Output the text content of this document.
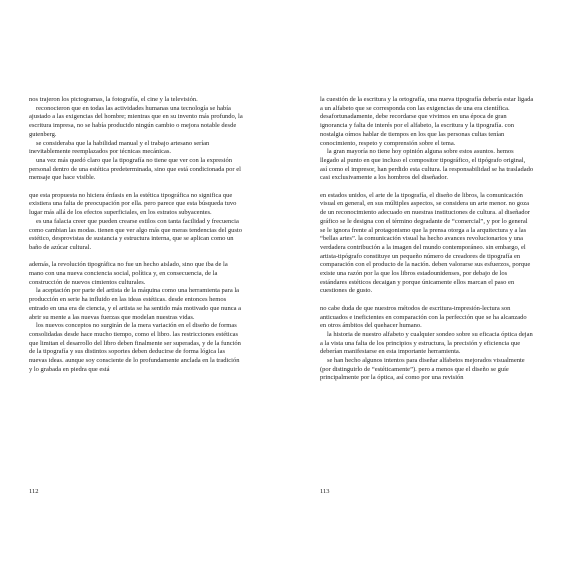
nos trajeron los pictogramas, la fotografía, el cine y la televisión.

reconocieron que en todas las actividades humanas una tecnología se había ajustado a las exigencias del hombre; mientras que en su invento más profundo, la escritura impresa, no se había producido ningún cambio o mejora notable desde gutenberg.

se consideraba que la habilidad manual y el trabajo artesano serían inevitablemente reemplazados por técnicas mecánicas.

una vez más quedó claro que la tipografía no tiene que ver con la expresión personal dentro de una estética predeterminada, sino que está condicionada por el mensaje que hace visible.

que esta propuesta no hiciera énfasis en la estética tipográfica no significa que existiera una falta de preocupación por ella. pero parece que esta búsqueda tuvo lugar más allá de los efectos superficiales, en los estratos subyacentes.

es una falacia creer que pueden crearse estilos con tanta facilidad y frecuencia como cambian las modas. tienen que ver algo más que meras tendencias del gusto estético, desprovistas de sustancia y estructura interna, que se aplican como un baño de azúcar cultural.

además, la revolución tipográfica no fue un hecho aislado, sino que iba de la mano con una nueva conciencia social, política y, en consecuencia, de la construcción de nuevos cimientos culturales.

la aceptación por parte del artista de la máquina como una herramienta para la producción en serie ha influido en las ideas estéticas. desde entonces hemos entrado en una era de ciencia, y el artista se ha sentido más motivado que nunca a abrir su mente a las nuevas fuerzas que modelan nuestras vidas.

los nuevos conceptos no surgirán de la mera variación en el diseño de formas consolidadas desde hace mucho tiempo, como el libro. las restricciones estéticas que limitan el desarrollo del libro deben finalmente ser superadas, y de la función de la tipografía y sus distintos soportes deben deducirse de forma lógica las nuevas ideas. aunque soy consciente de lo profundamente anclada en la tradición y lo grabada en piedra que está

112

la cuestión de la escritura y la ortografía, una nueva tipografía debería estar ligada a un alfabeto que se corresponda con las exigencias de una era científica. desafortunadamente, debe recordarse que vivimos en una época de gran ignorancia y falta de interés por el alfabeto, la escritura y la tipografía. con nostalgia oímos hablar de tiempos en los que las personas cultas tenían conocimiento, respeto y comprensión sobre el tema.

la gran mayoría no tiene hoy opinión alguna sobre estos asuntos. hemos llegado al punto en que incluso el compositor tipográfico, el tipógrafo original, así como el impresor, han perdido esta cultura. la responsabilidad se ha trasladado casi exclusivamente a los hombros del diseñador.

en estados unidos, el arte de la tipografía, el diseño de libros, la comunicación visual en general, en sus múltiples aspectos, se considera un arte menor. no goza de un reconocimiento adecuado en nuestras instituciones de cultura. al diseñador gráfico se le designa con el término degradante de “comercial”, y por lo general se le ignora frente al protagonismo que la prensa otorga a la arquitectura y a las “bellas artes”. la comunicación visual ha hecho avances revolucionarios y una verdadera contribución a la imagen del mundo contemporáneo. sin embargo, el artista-tipógrafo constituye un pequeño número de creadores de tipografía en comparación con el producto de la nación. deben valorarse sus esfuerzos, porque existe una razón por la que los libros estadounidenses, por debajo de los estándares estéticos decaigan y porque únicamente ellos marcan el paso en cuestiones de gusto.

no cabe duda de que nuestros métodos de escritura-impresión-lectura son anticuados e ineficientes en comparación con la perfección que se ha alcanzado en otros ámbitos del quehacer humano.

la historia de nuestro alfabeto y cualquier sondeo sobre su eficacia óptica dejan a la vista una falta de los principios y estructura, la precisión y eficiencia que deberían manifestarse en esta importante herramienta.

se han hecho algunos intentos para diseñar alfabetos mejorados visualmente (por distinguirlo de “estéticamente”). pero a menos que el diseño se guíe principalmente por la óptica, así como por una revisión

113
